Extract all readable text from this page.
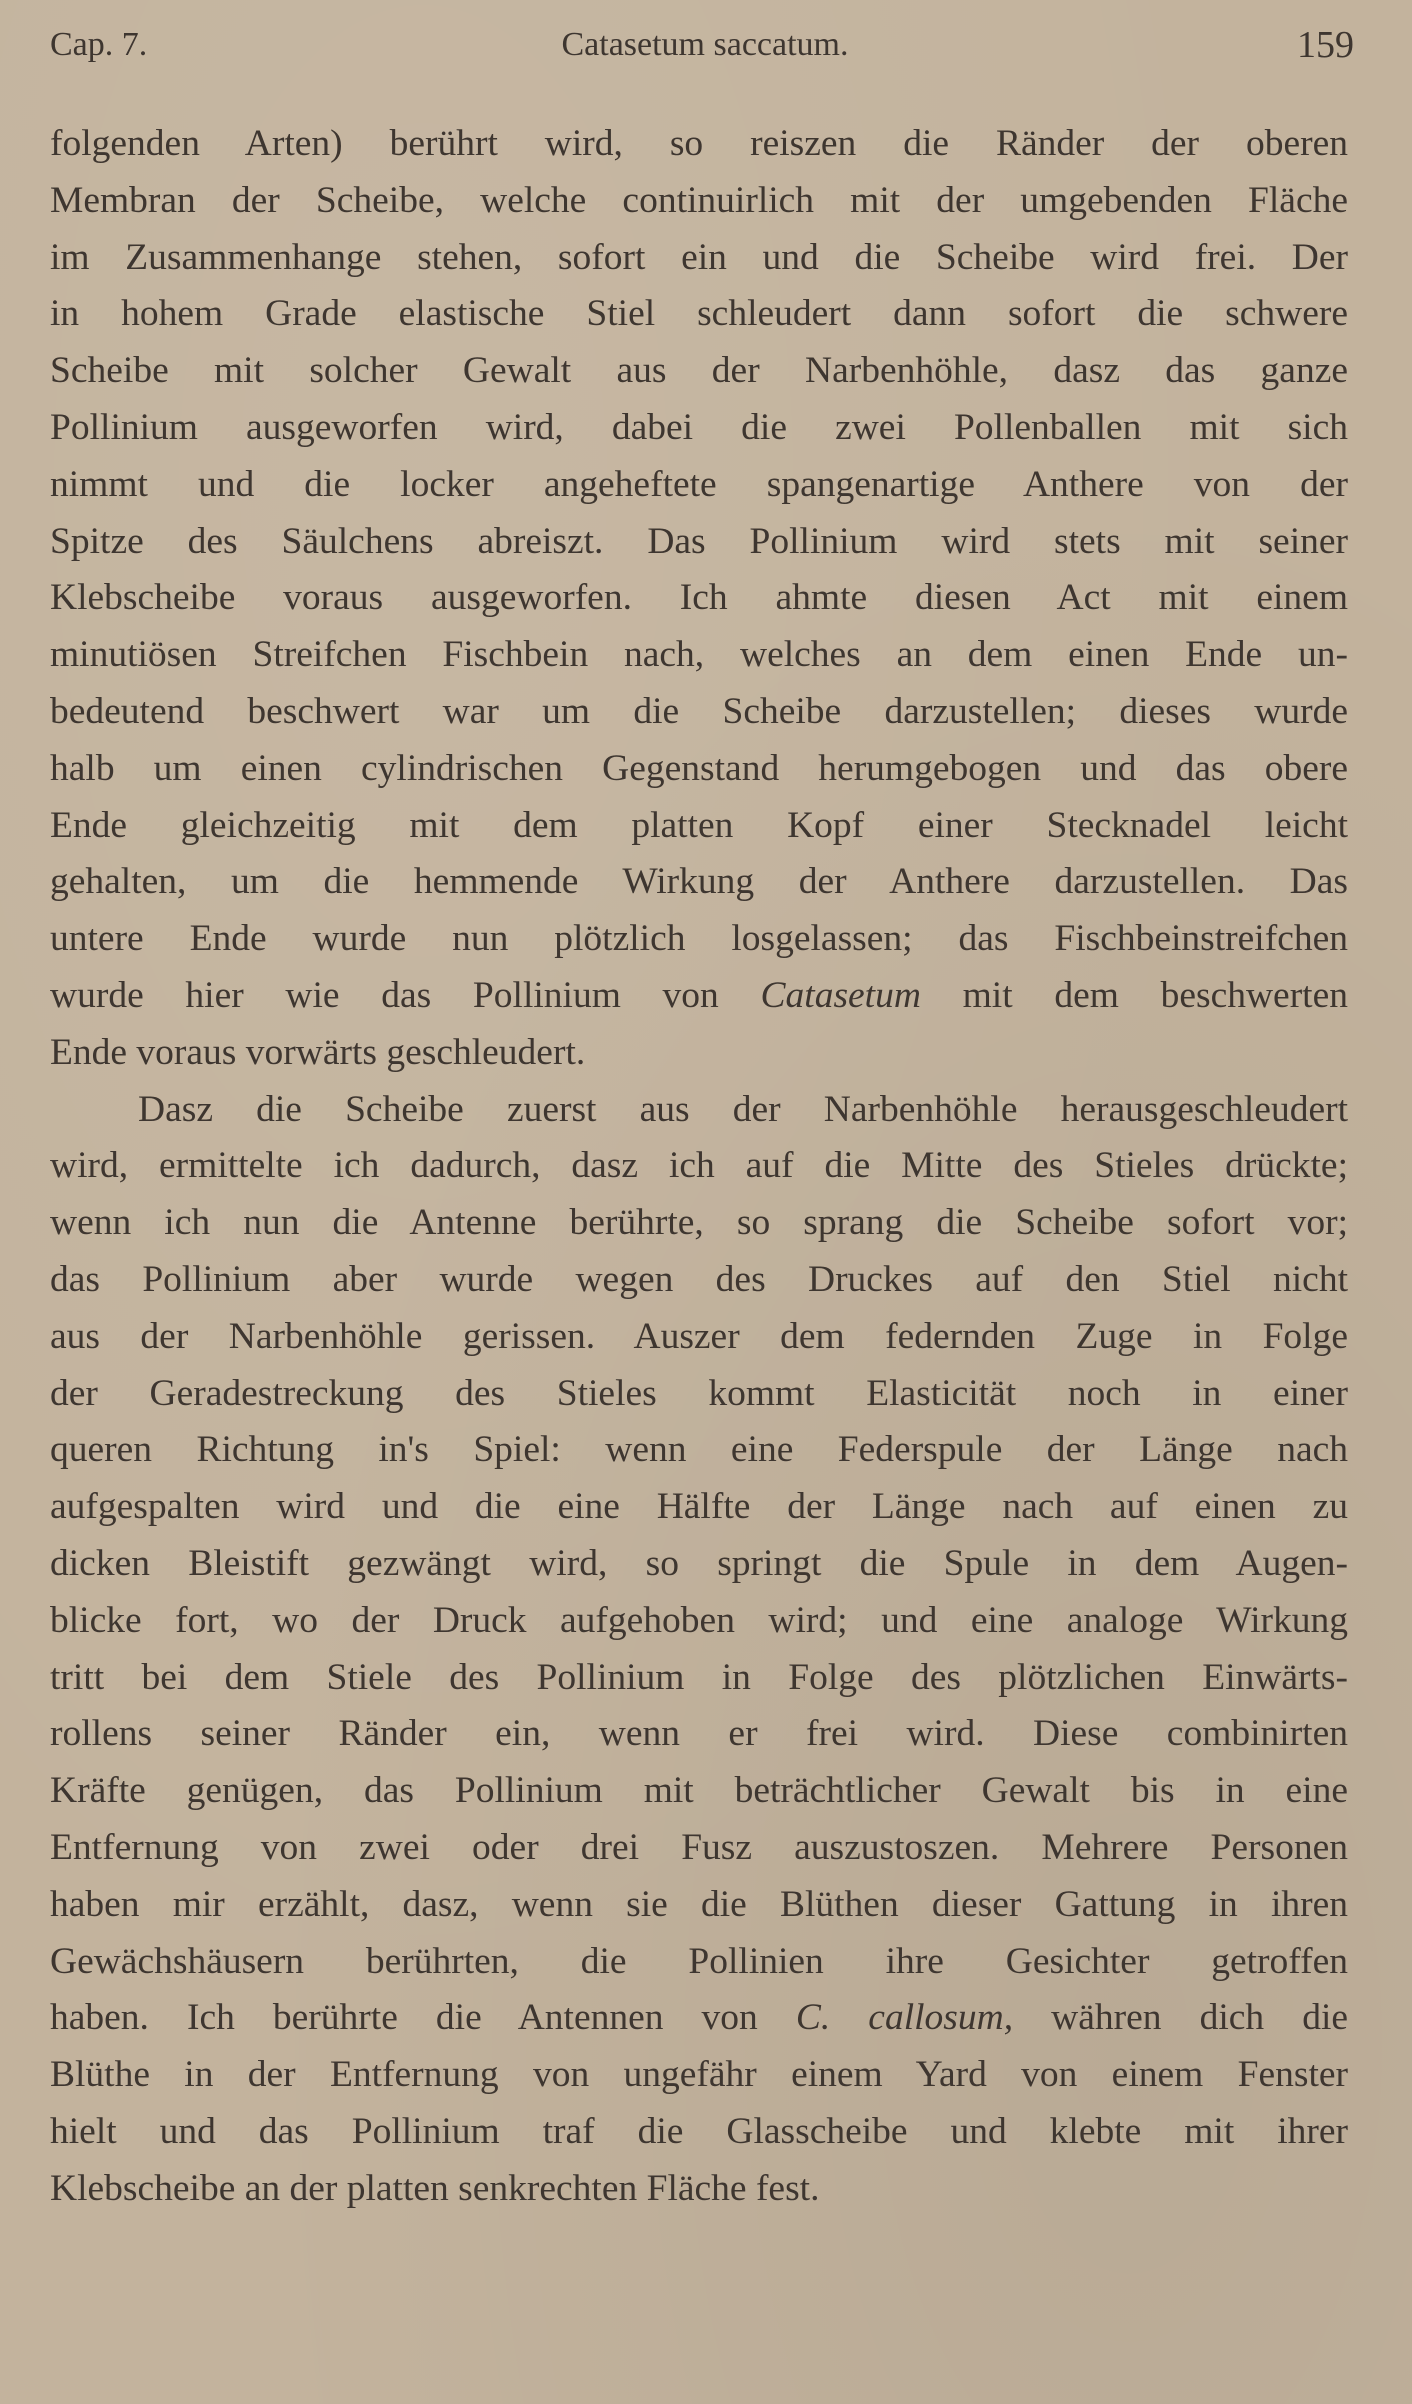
Cap. 7.	Catasetum saccatum.	159
folgenden Arten) berührt wird, so reiszen die Ränder der oberen
Membran der Scheibe, welche continuirlich mit der umgebenden Fläche
im Zusammenhange stehen, sofort ein und die Scheibe wird frei. Der
in hohem Grade elastische Stiel schleudert dann sofort die schwere
Scheibe mit solcher Gewalt aus der Narbenhöhle, dasz das ganze
Pollinium ausgeworfen wird, dabei die zwei Pollenballen mit sich
nimmt und die locker angeheftete spangenartige Anthere von der
Spitze des Säulchens abreiszt. Das Pollinium wird stets mit seiner
Klebscheibe voraus ausgeworfen. Ich ahmte diesen Act mit einem
minutiösen Streifchen Fischbein nach, welches an dem einen Ende un-
bedeutend beschwert war um die Scheibe darzustellen; dieses wurde
halb um einen cylindrischen Gegenstand herumgebogen und das obere
Ende gleichzeitig mit dem platten Kopf einer Stecknadel leicht
gehalten, um die hemmende Wirkung der Anthere darzustellen. Das
untere Ende wurde nun plötzlich losgelassen; das Fischbeinstreifchen
wurde hier wie das Pollinium von Catasetum mit dem beschwerten
Ende voraus vorwärts geschleudert.
Dasz die Scheibe zuerst aus der Narbenhöhle herausgeschleudert
wird, ermittelte ich dadurch, dasz ich auf die Mitte des Stieles drückte;
wenn ich nun die Antenne berührte, so sprang die Scheibe sofort vor;
das Pollinium aber wurde wegen des Druckes auf den Stiel nicht
aus der Narbenhöhle gerissen. Auszer dem federnden Zuge in Folge
der Geradestreckung des Stieles kommt Elasticität noch in einer
queren Richtung in's Spiel: wenn eine Federspule der Länge nach
aufgespalten wird und die eine Hälfte der Länge nach auf einen zu
dicken Bleistift gezwängt wird, so springt die Spule in dem Augen-
blicke fort, wo der Druck aufgehoben wird; und eine analoge Wirkung
tritt bei dem Stiele des Pollinium in Folge des plötzlichen Einwärts-
rollens seiner Ränder ein, wenn er frei wird. Diese combinirten
Kräfte genügen, das Pollinium mit beträchtlicher Gewalt bis in eine
Entfernung von zwei oder drei Fusz auszustoszen. Mehrere Personen
haben mir erzählt, dasz, wenn sie die Blüthen dieser Gattung in ihren
Gewächshäusern berührten, die Pollinien ihre Gesichter getroffen
haben. Ich berührte die Antennen von C. callosum, währen dich die
Blüthe in der Entfernung von ungefähr einem Yard von einem Fenster
hielt und das Pollinium traf die Glasscheibe und klebte mit ihrer
Klebscheibe an der platten senkrechten Fläche fest.
